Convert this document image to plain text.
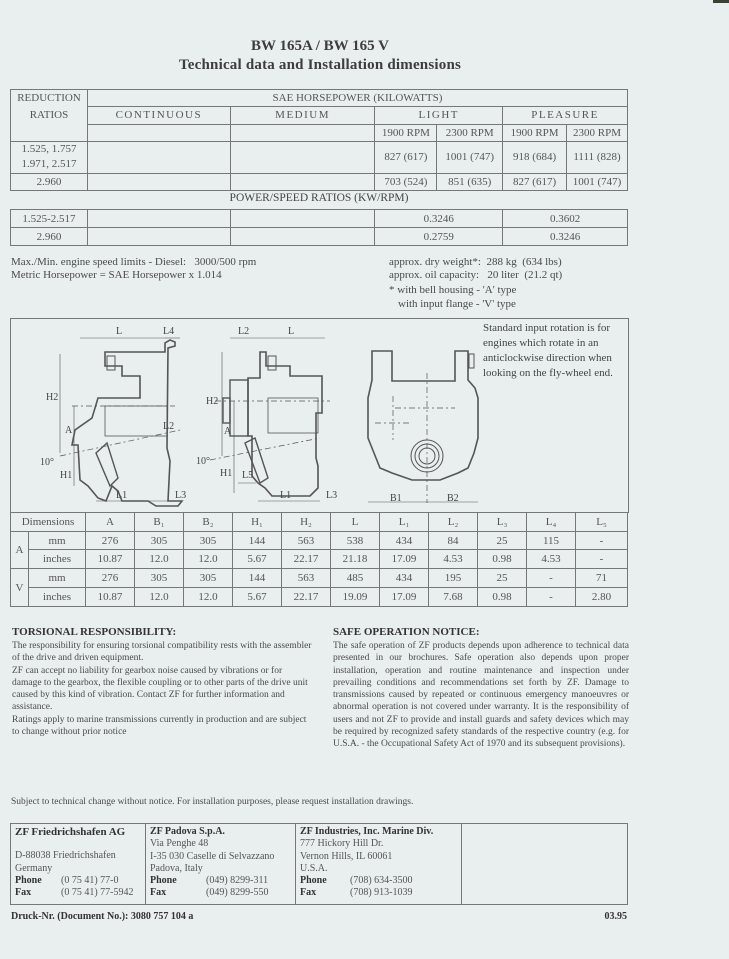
BW 165A / BW 165 V
Technical data and Installation dimensions
REDUCTION
RATIOS	SAE HORSEPOWER (KILOWATTS)					
	CONTINUOUS	MEDIUM	LIGHT		PLEASURE	
			1900 RPM	2300 RPM	1900 RPM	2300 RPM

1.525, 1.757
1.971, 2.517			827 (617)	1001 (747)	918 (684)	1111 (828)
2.960			703 (524)	851 (635)	827 (617)	1001 (747)
POWER/SPEED RATIOS (KW/RPM)
1.525-2.517			0.3246	0.3602
2.960			0.2759	0.3246
Max./Min. engine speed limits - Diesel: 3000/500 rpm
Metric Horsepower = SAE Horsepower x 1.014
approx. dry weight*: 288 kg (634 lbs)
approx. oil capacity: 20 liter (21.2 qt)
* with bell housing - 'A' type
with input flange - 'V' type
L	L4
H2
A
10°
H1
L2
L1	L3
L2	L
H2
A
10°
H1 L5
L1	L3	B1	B2
Standard input rotation is for engines which rotate in an anticlockwise direction when looking on the fly-wheel end.
Dimensions		A	B₁	B₂	H₁	H₂	L	L₁	L₂	L₃	L₄	L₅
A	mm	276	305	305	144	563	538	434	84	25	115	-
	inches	10.87	12.0	12.0	5.67	22.17	21.18	17.09	4.53	0.98	4.53	-
V	mm	276	305	305	144	563	485	434	195	25	-	71
	inches	10.87	12.0	12.0	5.67	22.17	19.09	17.09	7.68	0.98	-	2.80
TORSIONAL RESPONSIBILITY:
The responsibility for ensuring torsional compatibility rests with the assembler of the drive and driven equipment.
ZF can accept no liability for gearbox noise caused by vibrations or for damage to the gearbox, the flexible coupling or to other parts of the drive unit caused by this kind of vibration. Contact ZF for further information and assistance.
Ratings apply to marine transmissions currently in production and are subject to change without prior notice
SAFE OPERATION NOTICE:
The safe operation of ZF products depends upon adherence to technical data presented in our brochures. Safe operation also depends upon proper installation, operation and routine maintenance and inspection under prevailing conditions and recommendations set forth by ZF. Damage to transmissions caused by repeated or continuous emergency manoeuvres or abnormal operation is not covered under warranty. It is the responsibility of users and not ZF to provide and install guards and safety devices which may be required by recognized safety standards of the respective country (e.g. for U.S.A. - the Occupational Safety Act of 1970 and its subsequent provisions).
Subject to technical change without notice. For installation purposes, please request installation drawings.
ZF Friedrichshafen AG
D-88038 Friedrichshafen
Germany
Phone (0 75 41) 77-0
Fax	(0 75 41) 77-5942
ZF Padova S.p.A.
Via Penghe 48
I-35 030 Caselle di Selvazzano
Padova, Italy
Phone	(049) 8299-311
Fax	(049) 8299-550
ZF Industries, Inc. Marine Div.
777 Hickory Hill Dr.
Vernon Hills, IL 60061
U.S.A.
Phone (708) 634-3500
Fax	(708) 913-1039
Druck-Nr. (Document No.): 3080 757 104 a	03.95
